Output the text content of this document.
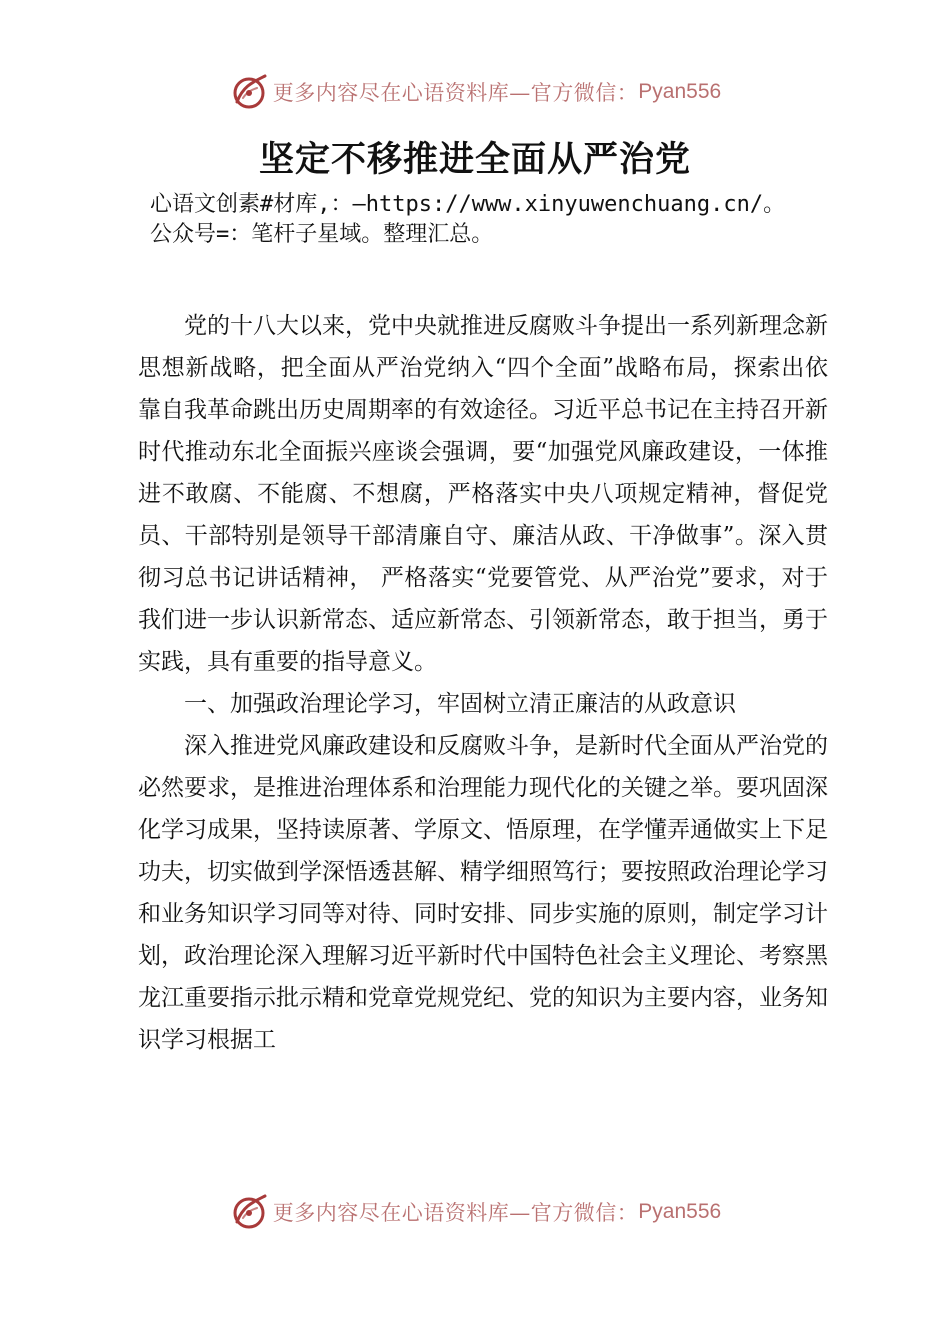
更多内容尽在心语资料库—官方微信： Pyan556
坚定不移推进全面从严治党
心语文创素#材库,：—https://www.xinyuwenchuang.cn/。
公众号=：笔杆子星域。整理汇总。

党的十八大以来，党中央就推进反腐败斗争提出一系列新理念新思想新战略，把全面从严治党纳入“四个全面”战略布局，探索出依靠自我革命跳出历史周期率的有效途径。习近平总书记在主持召开新时代推动东北全面振兴座谈会强调，要“加强党风廉政建设，一体推进不敢腐、不能腐、不想腐，严格落实中央八项规定精神，督促党员、干部特别是领导干部清廉自守、廉洁从政、干净做事”。深入贯彻习总书记讲话精神， 严格落实“党要管党、从严治党”要求，对于我们进一步认识新常态、适应新常态、引领新常态，敢于担当，勇于实践，具有重要的指导意义。

一、加强政治理论学习，牢固树立清正廉洁的从政意识

深入推进党风廉政建设和反腐败斗争，是新时代全面从严治党的必然要求，是推进治理体系和治理能力现代化的关键之举。要巩固深化学习成果，坚持读原著、学原文、悟原理，在学懂弄通做实上下足功夫，切实做到学深悟透甚解、精学细照笃行；要按照政治理论学习和业务知识学习同等对待、同时安排、同步实施的原则，制定学习计划，政治理论深入理解习近平新时代中国特色社会主义理论、考察黑龙江重要指示批示精和党章党规党纪、党的知识为主要内容，业务知识学习根据工

更多内容尽在心语资料库—官方微信： Pyan556
